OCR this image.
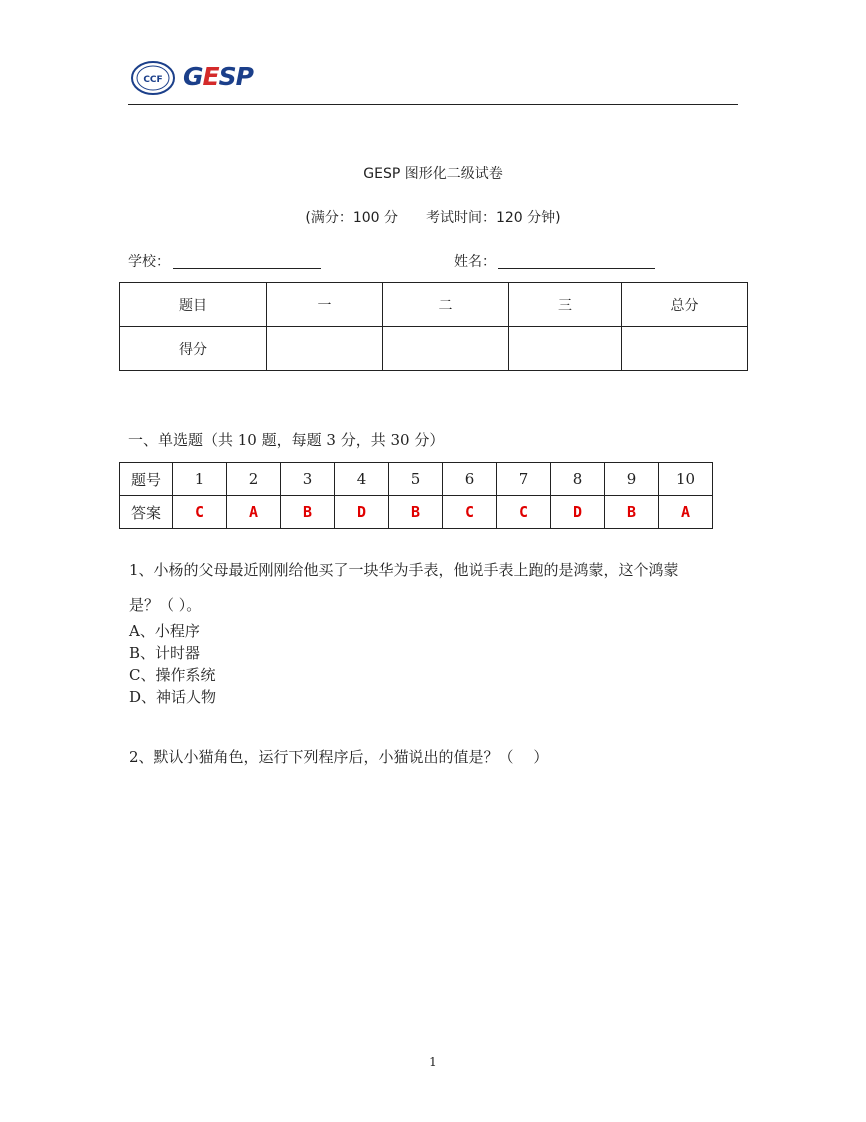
CCF GESP
GESP 图形化二级试卷
(满分：100 分　　考试时间：120 分钟)
学校：	姓名：
题目	一	二	三	总分
得分				
一、单选题（共 10 题，每题 3 分，共 30 分）
题号	1	2	3	4	5	6	7	8	9	10
答案	C	A	B	D	B	C	C	D	B	A
1、小杨的父母最近刚刚给他买了一块华为手表，他说手表上跑的是鸿蒙，这个鸿蒙
是？（ ）。
A、小程序
B、计时器
C、操作系统
D、神话人物
2、默认小猫角色，运行下列程序后，小猫说出的值是？（　 ）
1
